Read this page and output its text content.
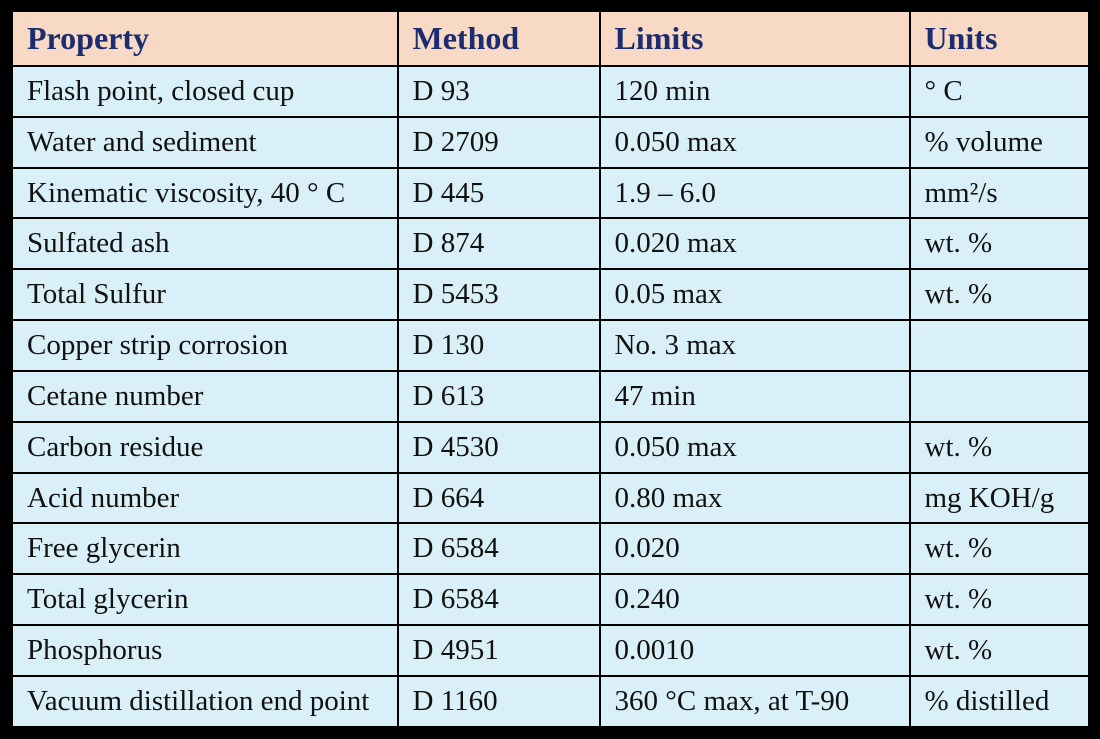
Property	Method	Limits	Units
Flash point, closed cup	D 93	120 min	° C
Water and sediment	D 2709	0.050 max	% volume
Kinematic viscosity, 40 ° C	D 445	1.9 – 6.0	mm²/s
Sulfated ash	D 874	0.020 max	wt. %
Total Sulfur	D 5453	0.05 max	wt. %
Copper strip corrosion	D 130	No. 3 max	
Cetane number	D 613	47 min	
Carbon residue	D 4530	0.050 max	wt. %
Acid number	D 664	0.80 max	mg KOH/g
Free glycerin	D 6584	0.020	wt. %
Total glycerin	D 6584	0.240	wt. %
Phosphorus	D 4951	0.0010	wt. %
Vacuum distillation end point	D 1160	360 °C max, at T-90	% distilled
